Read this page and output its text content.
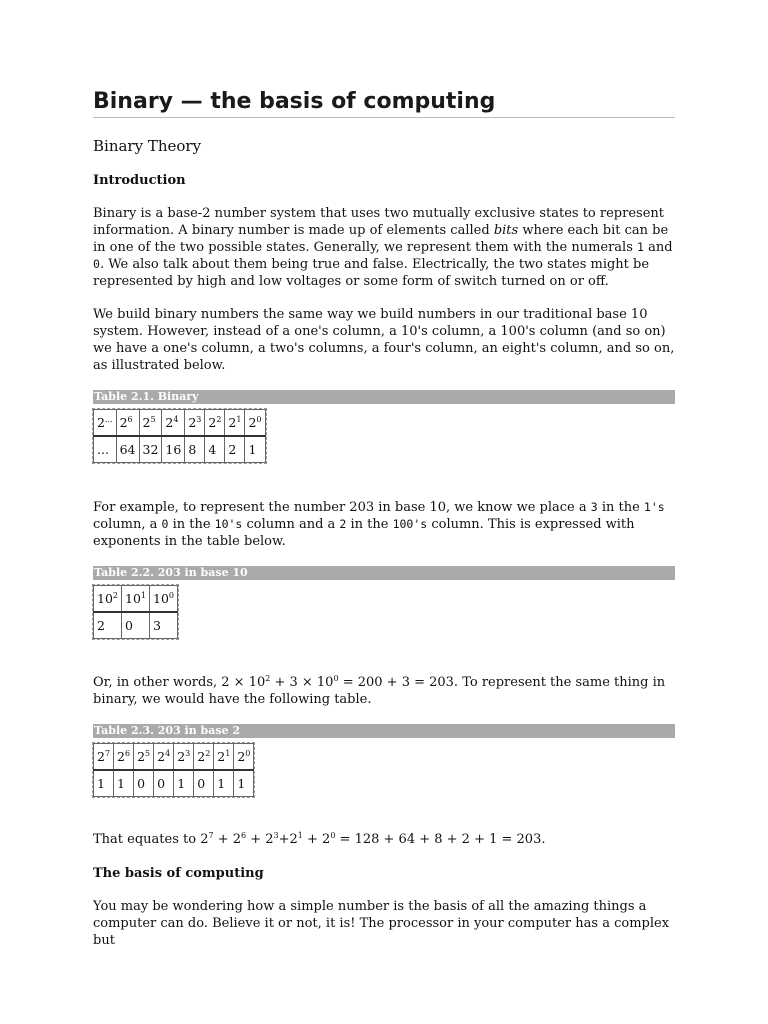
Binary — the basis of computing
Binary Theory
Introduction

Binary is a base-2 number system that uses two mutually exclusive states to represent information. A binary number is made up of elements called bits where each bit can be in one of the two possible states. Generally, we represent them with the numerals 1 and 0. We also talk about them being true and false. Electrically, the two states might be represented by high and low voltages or some form of switch turned on or off.

We build binary numbers the same way we build numbers in our traditional base 10 system. However, instead of a one's column, a 10's column, a 100's column (and so on) we have a one's column, a two's columns, a four's column, an eight's column, and so on, as illustrated below.

Table 2.1. Binary
2...	$2^6$	$2^5$	$2^4$	$2^3$	$2^2$	$2^1$	$2^0$
...	64	32	16	8	4	2	1

For example, to represent the number 203 in base 10, we know we place a 3 in the 1's column, a 0 in the 10's column and a 2 in the 100's column. This is expressed with exponents in the table below.

Table 2.2. 203 in base 10
$10^2$	$10^1$	$10^0$
2	0	3

Or, in other words, $2 \times 10^2 + 3 \times 10^0 = 200 + 3 = 203$. To represent the same thing in binary, we would have the following table.

Table 2.3. 203 in base 2
$2^7$	$2^6$	$2^5$	$2^4$	$2^3$	$2^2$	$2^1$	$2^0$
1	1	0	0	1	0	1	1

That equates to $2^7 + 2^6 + 2^3+2^1 + 2^0 = 128 + 64 + 8 + 2 + 1 = 203$.

The basis of computing

You may be wondering how a simple number is the basis of all the amazing things a computer can do. Believe it or not, it is! The processor in your computer has a complex but
